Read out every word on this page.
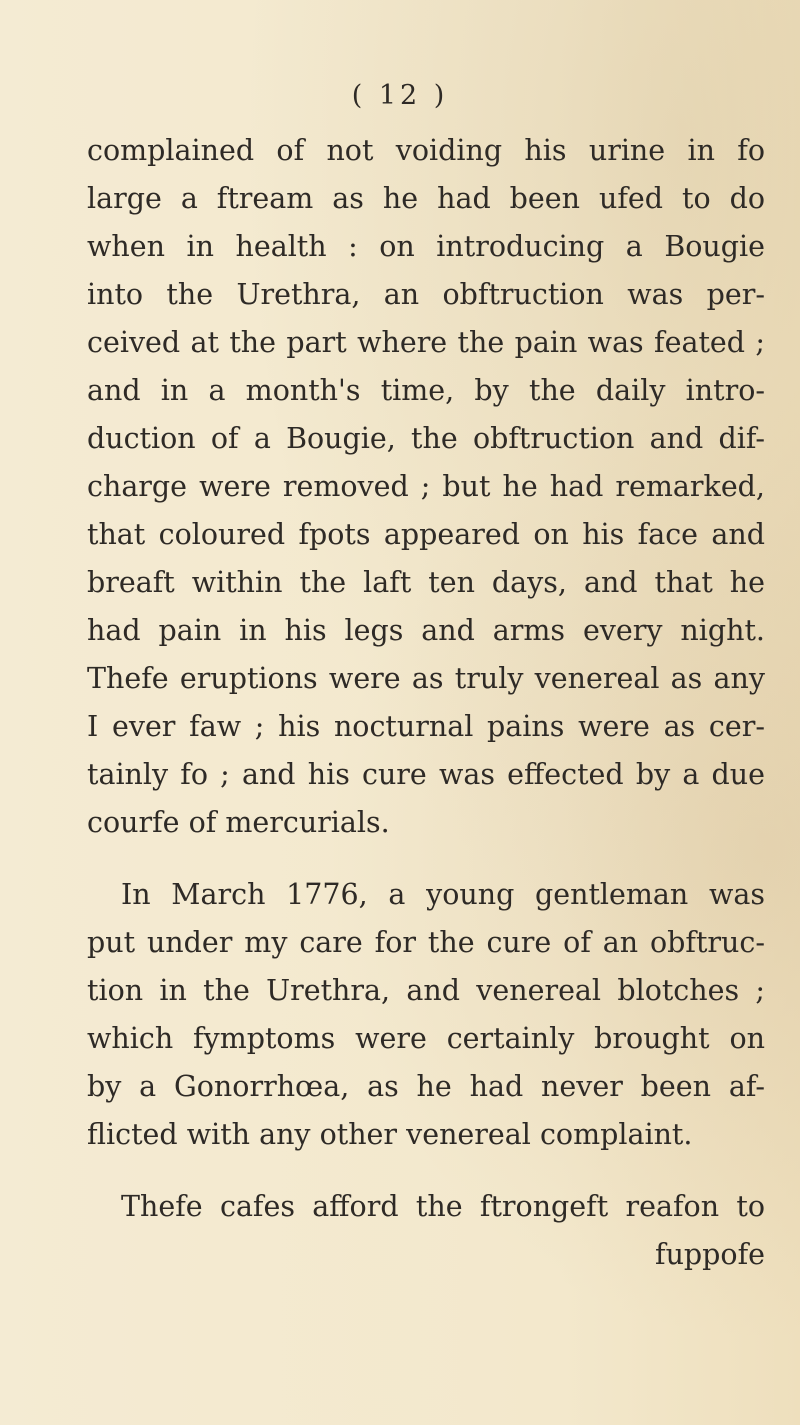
( 12 )
complained of not voiding his urine in fo
large a ftream as he had been ufed to do
when in health : on introducing a Bougie
into the Urethra, an obftruction was per-
ceived at the part where the pain was feated ;
and in a month's time, by the daily intro-
duction of a Bougie, the obftruction and dif-
charge were removed ; but he had remarked,
that coloured fpots appeared on his face and
breaft within the laft ten days, and that he
had pain in his legs and arms every night.
Thefe eruptions were as truly venereal as any
I ever faw ; his nocturnal pains were as cer-
tainly fo ; and his cure was effected by a due
courfe of mercurials.
In March 1776, a young gentleman was
put under my care for the cure of an obftruc-
tion in the Urethra, and venereal blotches ;
which fymptoms were certainly brought on
by a Gonorrhœa, as he had never been af-
flicted with any other venereal complaint.
Thefe cafes afford the ftrongeft reafon to
fuppofe
